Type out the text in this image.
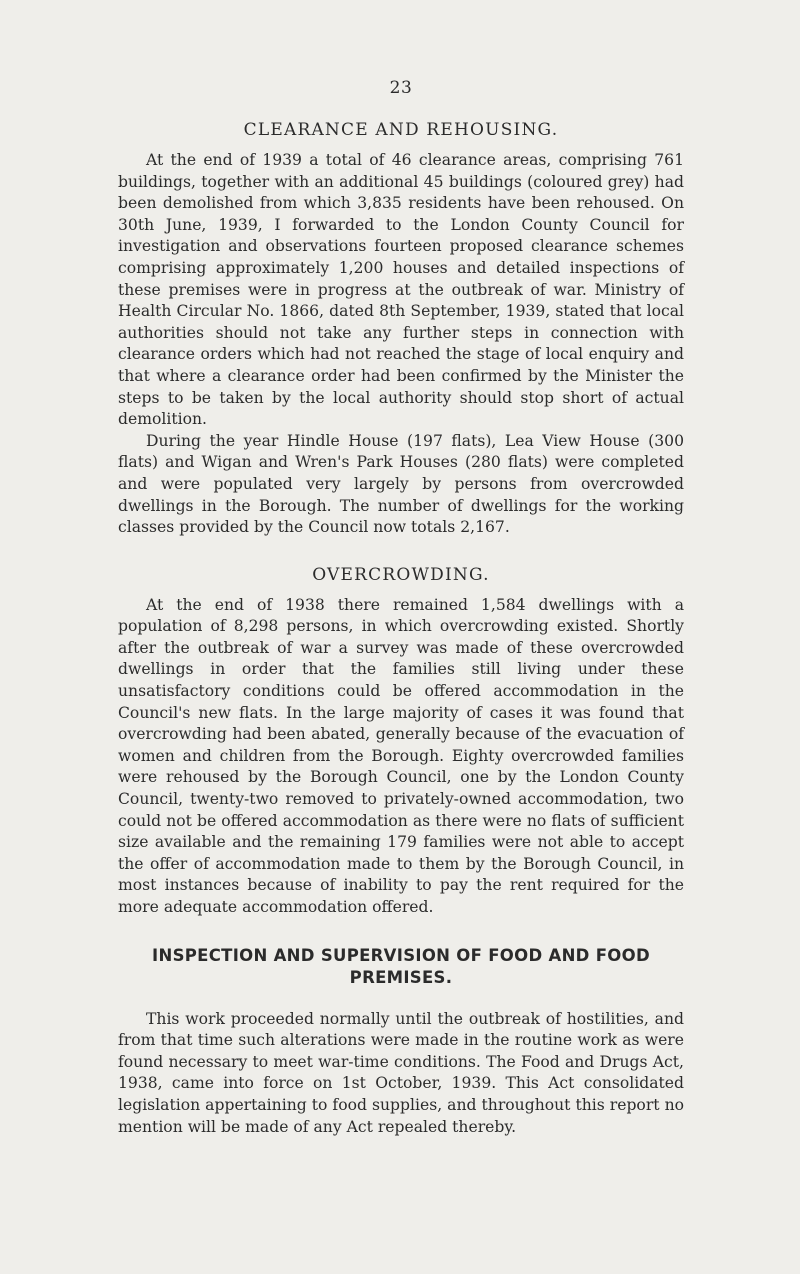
23
CLEARANCE AND REHOUSING.

At the end of 1939 a total of 46 clearance areas, comprising 761 buildings, together with an additional 45 buildings (coloured grey) had been demolished from which 3,835 residents have been rehoused. On 30th June, 1939, I forwarded to the London County Council for investigation and observations fourteen proposed clearance schemes comprising approximately 1,200 houses and detailed inspections of these premises were in progress at the outbreak of war. Ministry of Health Circular No. 1866, dated 8th September, 1939, stated that local authorities should not take any further steps in connection with clearance orders which had not reached the stage of local enquiry and that where a clearance order had been confirmed by the Minister the steps to be taken by the local authority should stop short of actual demolition.

During the year Hindle House (197 flats), Lea View House (300 flats) and Wigan and Wren's Park Houses (280 flats) were completed and were populated very largely by persons from overcrowded dwellings in the Borough. The number of dwellings for the working classes provided by the Council now totals 2,167.

OVERCROWDING.

At the end of 1938 there remained 1,584 dwellings with a population of 8,298 persons, in which overcrowding existed. Shortly after the outbreak of war a survey was made of these overcrowded dwellings in order that the families still living under these unsatisfactory conditions could be offered accommodation in the Council's new flats. In the large majority of cases it was found that overcrowding had been abated, generally because of the evacuation of women and children from the Borough. Eighty overcrowded families were rehoused by the Borough Council, one by the London County Council, twenty-two removed to privately-owned accommodation, two could not be offered accommodation as there were no flats of sufficient size available and the remaining 179 families were not able to accept the offer of accommodation made to them by the Borough Council, in most instances because of inability to pay the rent required for the more adequate accommodation offered.

INSPECTION AND SUPERVISION OF FOOD AND FOOD PREMISES.

This work proceeded normally until the outbreak of hostilities, and from that time such alterations were made in the routine work as were found necessary to meet war-time conditions. The Food and Drugs Act, 1938, came into force on 1st October, 1939. This Act consolidated legislation appertaining to food supplies, and throughout this report no mention will be made of any Act repealed thereby.
